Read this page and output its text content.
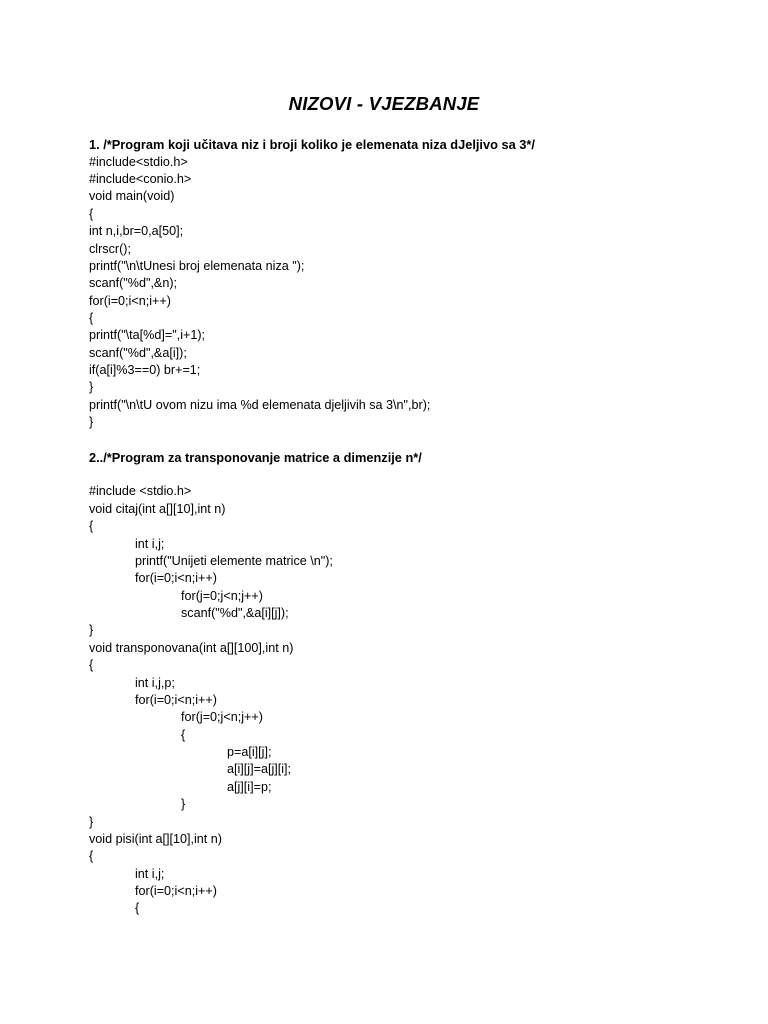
NIZOVI - VJEZBANJE
1. /*Program koji učitava niz i broji koliko je elemenata niza dJeljivo sa 3*/
#include<stdio.h>
#include<conio.h>
void main(void)
{
int n,i,br=0,a[50];
clrscr();
printf("\n\tUnesi broj elemenata niza ");
scanf("%d",&n);
for(i=0;i<n;i++)
{
printf("\ta[%d]=",i+1);
scanf("%d",&a[i]);
if(a[i]%3==0) br+=1;
}
printf("\n\tU ovom nizu ima %d elemenata djeljivih sa 3\n",br);
}
2../*Program za transponovanje matrice a dimenzije n*/
#include <stdio.h>
void citaj(int a[][10],int n)
{
int i,j;
printf("Unijeti elemente matrice \n");
for(i=0;i<n;i++)
for(j=0;j<n;j++)
scanf("%d",&a[i][j]);
}
void transponovana(int a[][100],int n)
{
int i,j,p;
for(i=0;i<n;i++)
for(j=0;j<n;j++)
{
p=a[i][j];
a[i][j]=a[j][i];
a[j][i]=p;
}
}
void pisi(int a[][10],int n)
{
int i,j;
for(i=0;i<n;i++)
{
